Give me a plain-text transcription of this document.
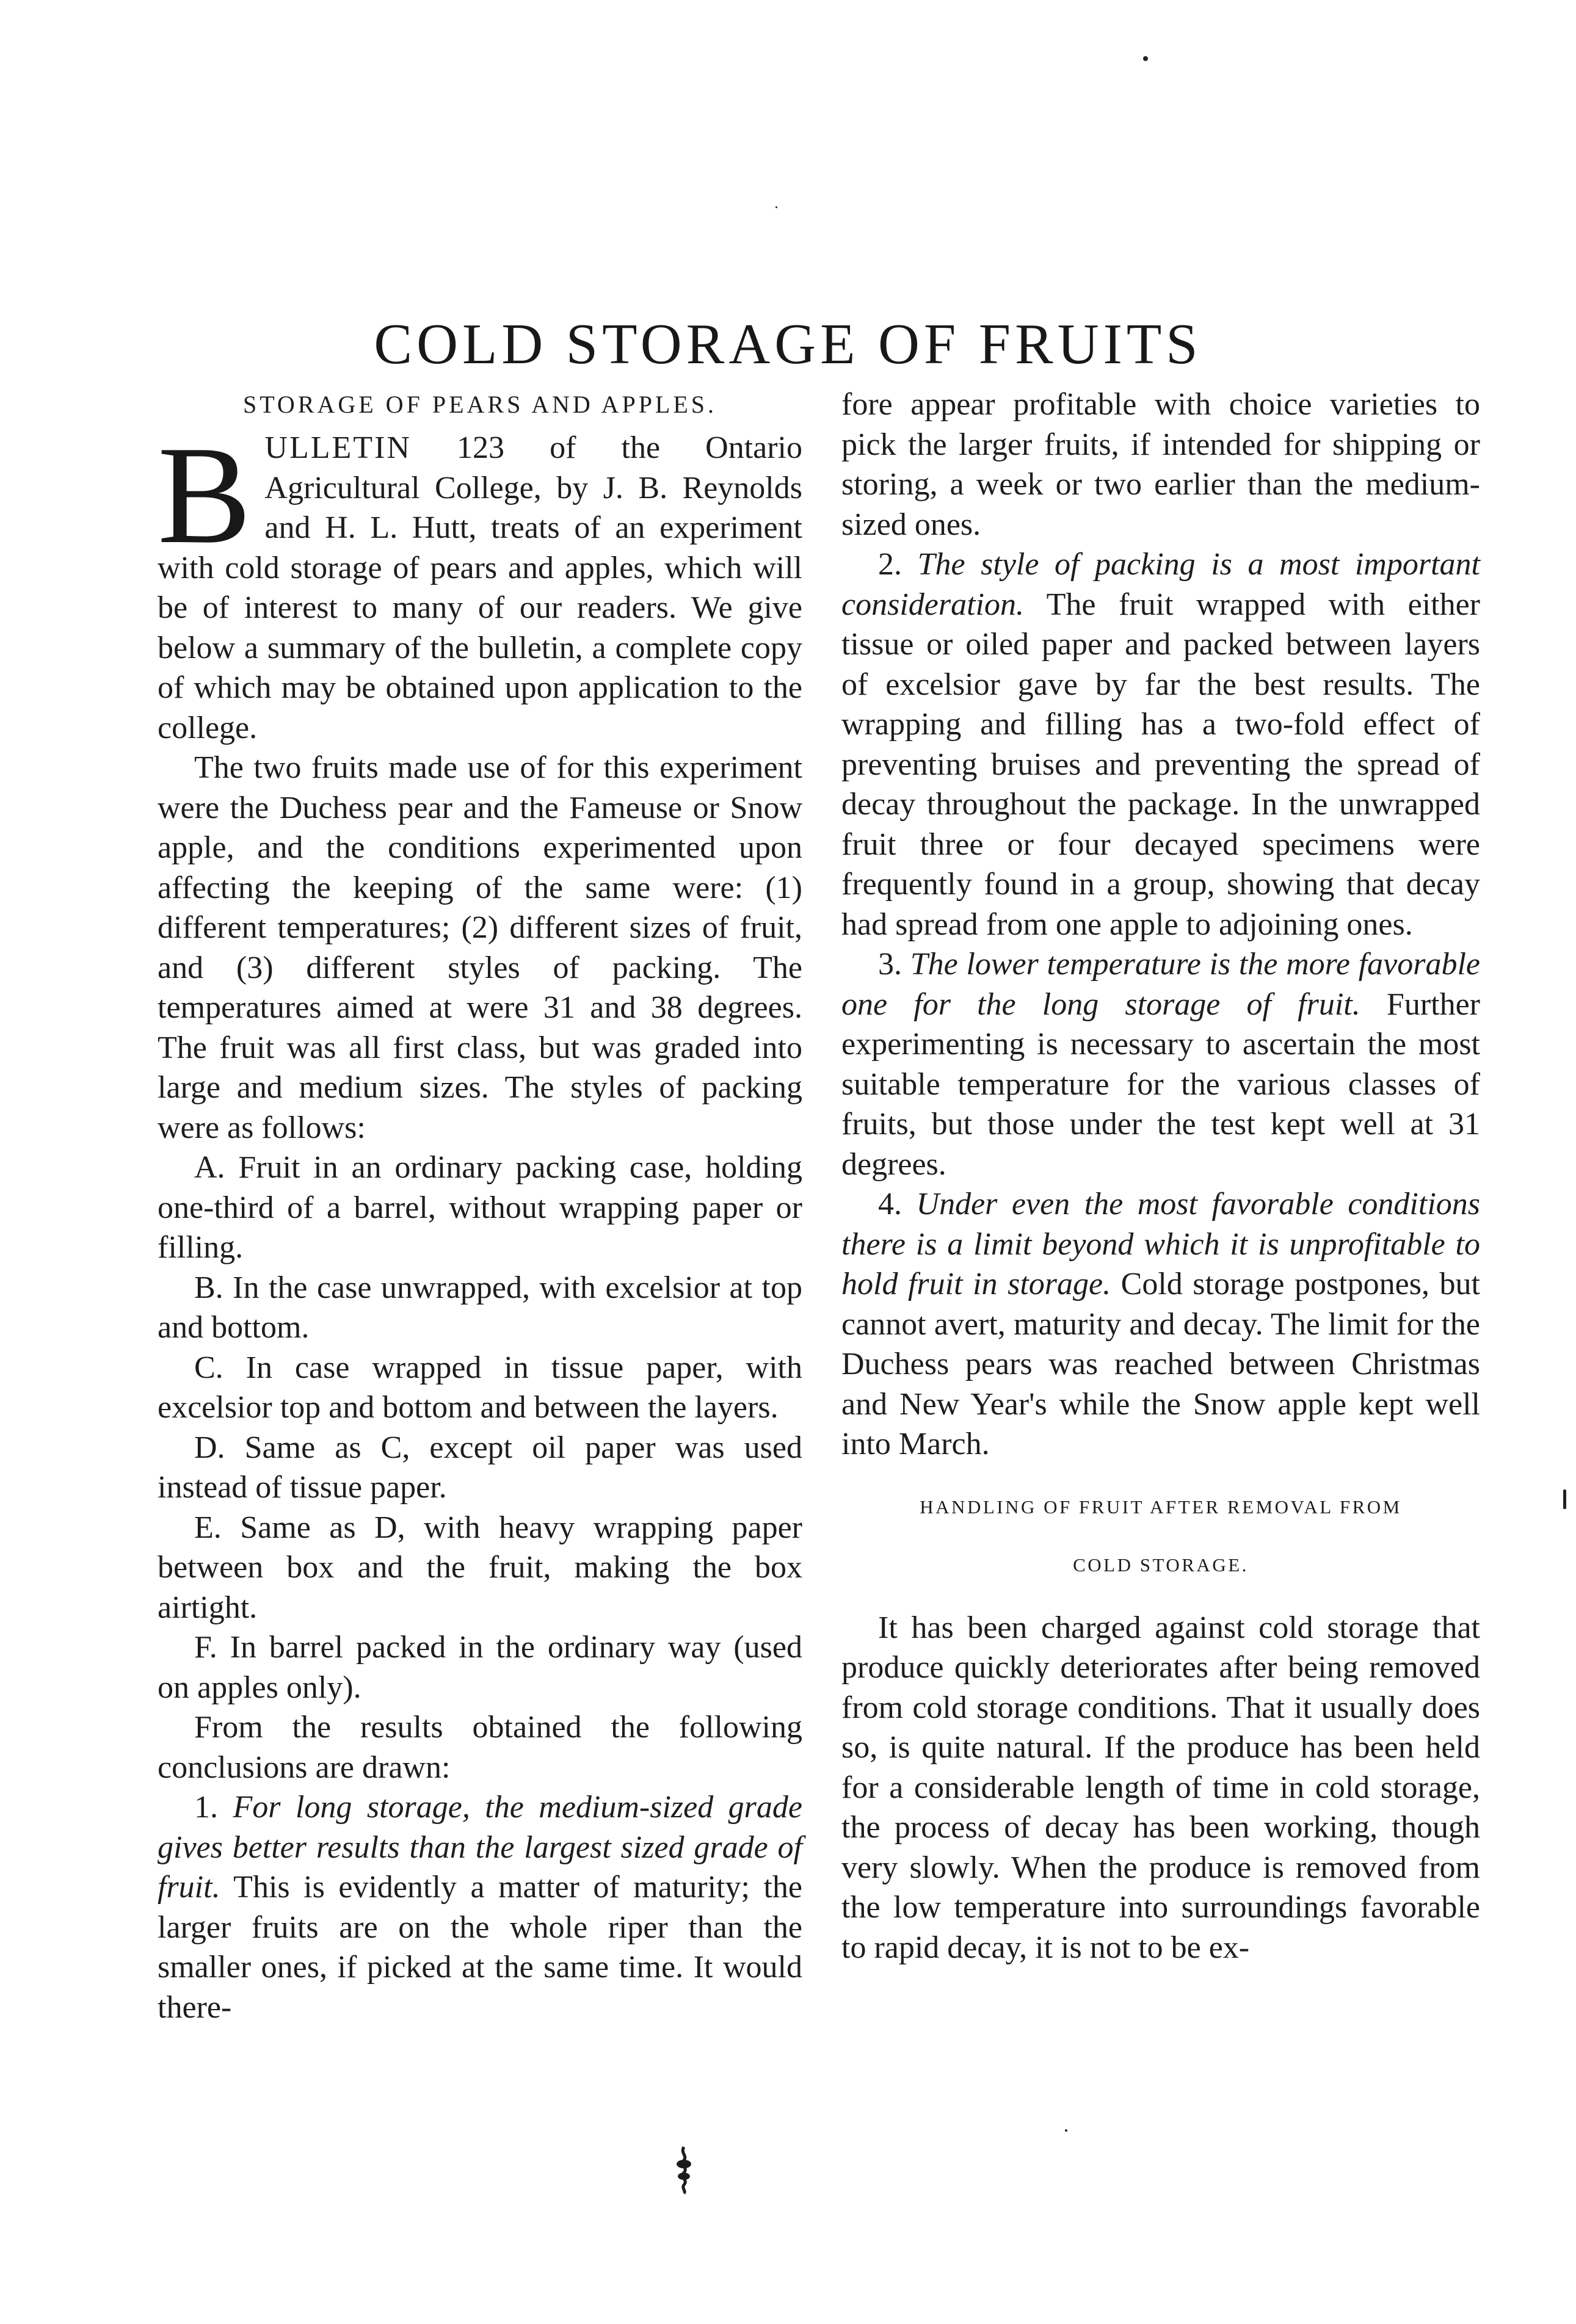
COLD STORAGE OF FRUITS
STORAGE OF PEARS AND APPLES.

BULLETIN 123 of the Ontario Agricultural College, by J. B. Reynolds and H. L. Hutt, treats of an experiment with cold storage of pears and apples, which will be of interest to many of our readers. We give below a summary of the bulletin, a complete copy of which may be obtained upon application to the college.

The two fruits made use of for this experiment were the Duchess pear and the Fameuse or Snow apple, and the conditions experimented upon affecting the keeping of the same were: (1) different temperatures; (2) different sizes of fruit, and (3) different styles of packing. The temperatures aimed at were 31 and 38 degrees. The fruit was all first class, but was graded into large and medium sizes. The styles of packing were as follows:

A. Fruit in an ordinary packing case, holding one-third of a barrel, without wrapping paper or filling.

B. In the case unwrapped, with excelsior at top and bottom.

C. In case wrapped in tissue paper, with excelsior top and bottom and between the layers.

D. Same as C, except oil paper was used instead of tissue paper.

E. Same as D, with heavy wrapping paper between box and the fruit, making the box airtight.

F. In barrel packed in the ordinary way (used on apples only).

From the results obtained the following conclusions are drawn:

1. For long storage, the medium-sized grade gives better results than the largest sized grade of fruit. This is evidently a matter of maturity; the larger fruits are on the whole riper than the smaller ones, if picked at the same time. It would there-

fore appear profitable with choice varieties to pick the larger fruits, if intended for shipping or storing, a week or two earlier than the medium-sized ones.

2. The style of packing is a most important consideration. The fruit wrapped with either tissue or oiled paper and packed between layers of excelsior gave by far the best results. The wrapping and filling has a two-fold effect of preventing bruises and preventing the spread of decay throughout the package. In the unwrapped fruit three or four decayed specimens were frequently found in a group, showing that decay had spread from one apple to adjoining ones.

3. The lower temperature is the more favorable one for the long storage of fruit. Further experimenting is necessary to ascertain the most suitable temperature for the various classes of fruits, but those under the test kept well at 31 degrees.

4. Under even the most favorable conditions there is a limit beyond which it is unprofitable to hold fruit in storage. Cold storage postpones, but cannot avert, maturity and decay. The limit for the Duchess pears was reached between Christmas and New Year's while the Snow apple kept well into March.

HANDLING OF FRUIT AFTER REMOVAL FROM
COLD STORAGE.

It has been charged against cold storage that produce quickly deteriorates after being removed from cold storage conditions. That it usually does so, is quite natural. If the produce has been held for a considerable length of time in cold storage, the process of decay has been working, though very slowly. When the produce is removed from the low temperature into surroundings favorable to rapid decay, it is not to be ex-
